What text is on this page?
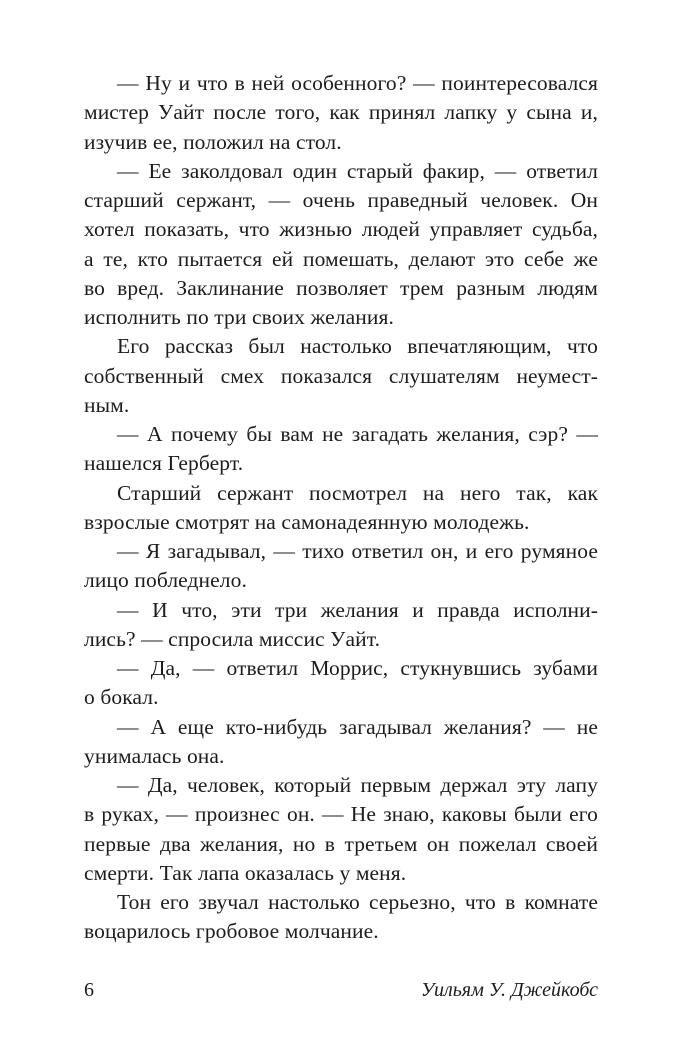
— Ну и что в ней особенного? — поинтересовался
мистер Уайт после того, как принял лапку у сына и,
изучив ее, положил на стол.
— Ее заколдовал один старый факир, — ответил
старший сержант, — очень праведный человек. Он
хотел показать, что жизнью людей управляет судьба,
а те, кто пытается ей помешать, делают это себе же
во вред. Заклинание позволяет трем разным людям
исполнить по три своих желания.
Его рассказ был настолько впечатляющим, что
собственный смех показался слушателям неумест-
ным.
— А почему бы вам не загадать желания, сэр? —
нашелся Герберт.
Старший сержант посмотрел на него так, как
взрослые смотрят на самонадеянную молодежь.
— Я загадывал, — тихо ответил он, и его румяное
лицо побледнело.
— И что, эти три желания и правда исполни-
лись? — спросила миссис Уайт.
— Да, — ответил Моррис, стукнувшись зубами
о бокал.
— А еще кто-нибудь загадывал желания? — не
унималась она.
— Да, человек, который первым держал эту лапу
в руках, — произнес он. — Не знаю, каковы были его
первые два желания, но в третьем он пожелал своей
смерти. Так лапа оказалась у меня.
Тон его звучал настолько серьезно, что в комнате
воцарилось гробовое молчание.
6	Уильям У. Джейкобс
